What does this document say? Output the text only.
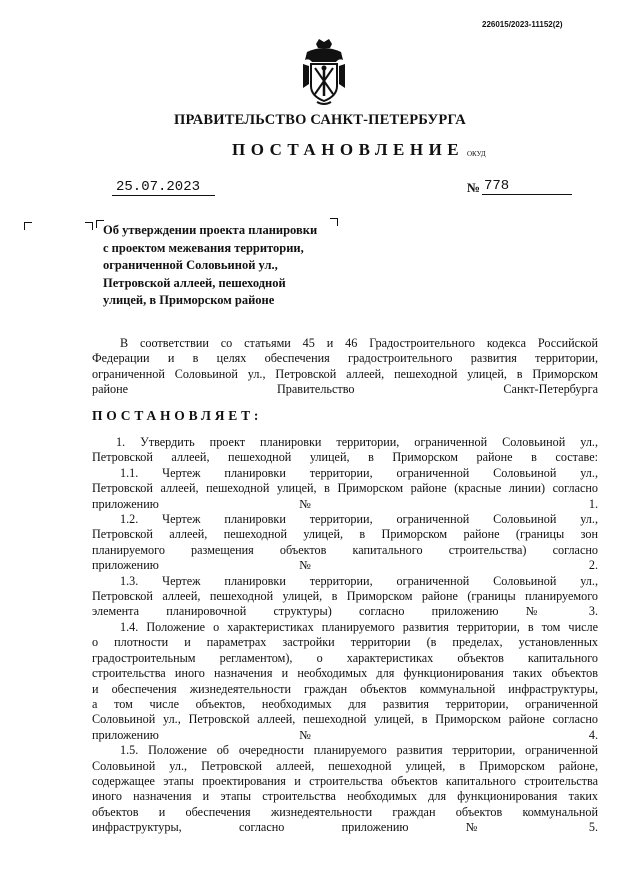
226015/2023-11152(2)
ПРАВИТЕЛЬСТВО САНКТ-ПЕТЕРБУРГА
ПОСТАНОВЛЕНИЕ ОКУД
25.07.2023	№ 778
Об утверждении проекта планировки
с проектом межевания территории,
ограниченной Соловьиной ул.,
Петровской аллеей, пешеходной
улицей, в Приморском районе
В соответствии со статьями 45 и 46 Градостроительного кодекса Российской
Федерации и в целях обеспечения градостроительного развития территории,
ограниченной Соловьиной ул., Петровской аллеей, пешеходной улицей, в Приморском
районе Правительство Санкт-Петербурга
ПОСТАНОВЛЯЕТ:
1. Утвердить проект планировки территории, ограниченной Соловьиной ул.,
Петровской аллеей, пешеходной улицей, в Приморском районе в составе:
1.1. Чертеж планировки территории, ограниченной Соловьиной ул.,
Петровской аллеей, пешеходной улицей, в Приморском районе (красные линии) согласно
приложению № 1.
1.2. Чертеж планировки территории, ограниченной Соловьиной ул.,
Петровской аллеей, пешеходной улицей, в Приморском районе (границы зон
планируемого размещения объектов капитального строительства) согласно
приложению № 2.
1.3. Чертеж планировки территории, ограниченной Соловьиной ул.,
Петровской аллеей, пешеходной улицей, в Приморском районе (границы планируемого
элемента планировочной структуры) согласно приложению № 3.
1.4. Положение о характеристиках планируемого развития территории, в том числе
о плотности и параметрах застройки территории (в пределах, установленных
градостроительным регламентом), о характеристиках объектов капитального
строительства иного назначения и необходимых для функционирования таких объектов
и обеспечения жизнедеятельности граждан объектов коммунальной инфраструктуры,
а том числе объектов, необходимых для развития территории, ограниченной
Соловьиной ул., Петровской аллеей, пешеходной улицей, в Приморском районе согласно
приложению № 4.
1.5. Положение об очередности планируемого развития территории, ограниченной
Соловьиной ул., Петровской аллеей, пешеходной улицей, в Приморском районе,
содержащее этапы проектирования и строительства объектов капитального строительства
иного назначения и этапы строительства необходимых для функционирования таких
объектов и обеспечения жизнедеятельности граждан объектов коммунальной
инфраструктуры, согласно приложению № 5.
